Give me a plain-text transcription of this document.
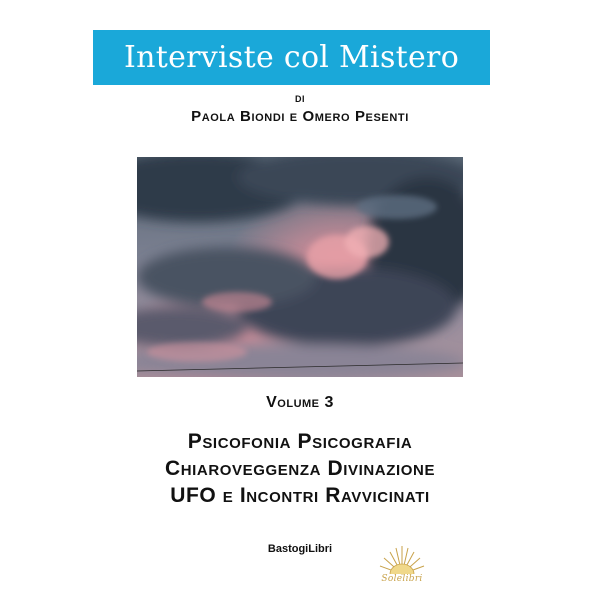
Interviste col Mistero
DI
Paola Biondi e Omero Pesenti
Volume 3
Psicofonia Psicografia
Chiaroveggenza Divinazione
UFO e Incontri Ravvicinati
BastogiLibri
Solelibri
